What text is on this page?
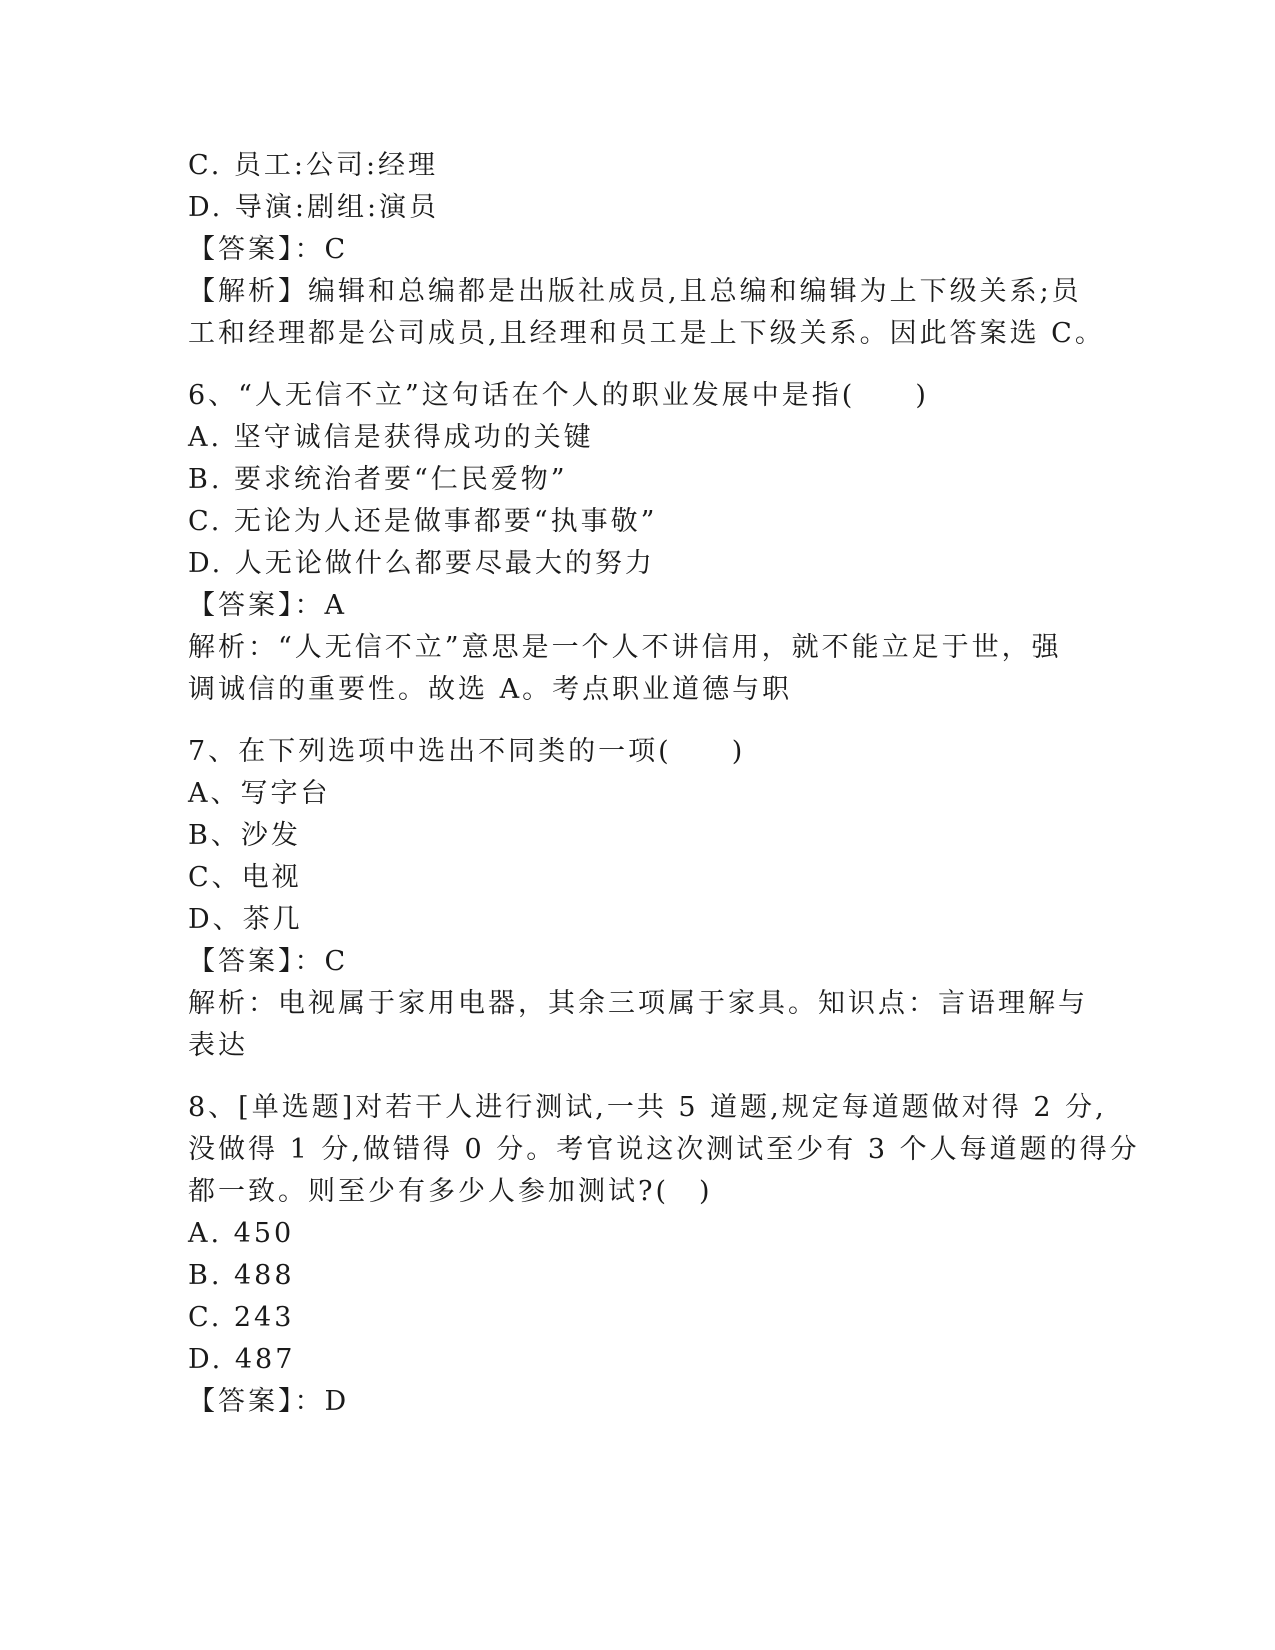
C. 员工:公司:经理

D. 导演:剧组:演员

【答案】：C

【解析】编辑和总编都是出版社成员,且总编和编辑为上下级关系;员

工和经理都是公司成员,且经理和员工是上下级关系。因此答案选 C。

6、“人无信不立”这句话在个人的职业发展中是指(　　)

A. 坚守诚信是获得成功的关键

B. 要求统治者要“仁民爱物”

C. 无论为人还是做事都要“执事敬”

D. 人无论做什么都要尽最大的努力

【答案】：A

解析：“人无信不立”意思是一个人不讲信用，就不能立足于世，强

调诚信的重要性。故选 A。考点职业道德与职

7、在下列选项中选出不同类的一项(　　)

A、写字台

B、沙发

C、电视

D、茶几

【答案】：C

解析：电视属于家用电器，其余三项属于家具。知识点：言语理解与

表达

8、[单选题]对若干人进行测试,一共 5 道题,规定每道题做对得 2 分,

没做得 1 分,做错得 0 分。考官说这次测试至少有 3 个人每道题的得分

都一致。则至少有多少人参加测试?(　)

A. 450

B. 488

C. 243

D. 487

【答案】：D
